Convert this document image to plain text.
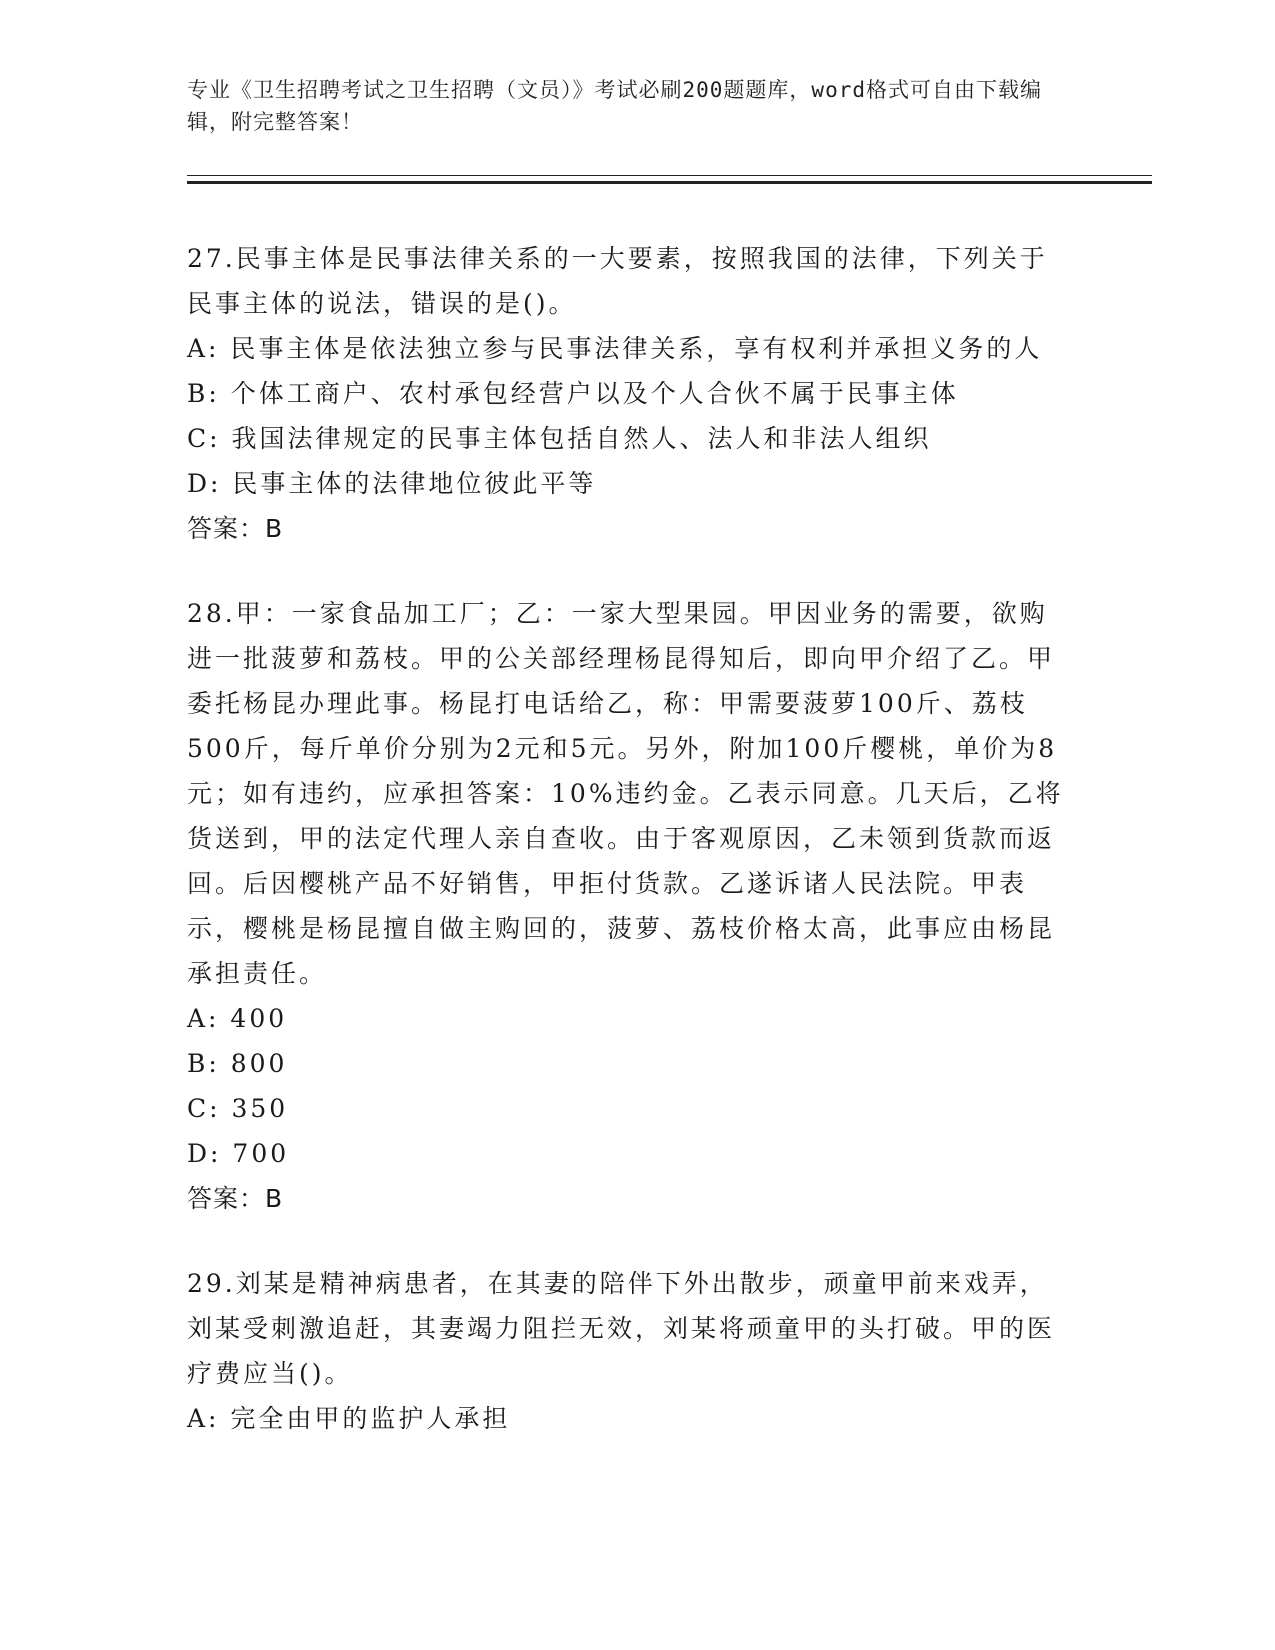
专业《卫生招聘考试之卫生招聘（文员）》考试必刷200题题库，word格式可自由下载编辑，附完整答案！

27.民事主体是民事法律关系的一大要素，按照我国的法律，下列关于民事主体的说法，错误的是()。

A: 民事主体是依法独立参与民事法律关系，享有权利并承担义务的人

B: 个体工商户、农村承包经营户以及个人合伙不属于民事主体

C: 我国法律规定的民事主体包括自然人、法人和非法人组织

D: 民事主体的法律地位彼此平等

答案：B

28.甲：一家食品加工厂；乙：一家大型果园。甲因业务的需要，欲购进一批菠萝和荔枝。甲的公关部经理杨昆得知后，即向甲介绍了乙。甲委托杨昆办理此事。杨昆打电话给乙，称：甲需要菠萝100斤、荔枝500斤，每斤单价分别为2元和5元。另外，附加100斤樱桃，单价为8元；如有违约，应承担答案：10%违约金。乙表示同意。几天后，乙将货送到，甲的法定代理人亲自查收。由于客观原因，乙未领到货款而返回。后因樱桃产品不好销售，甲拒付货款。乙遂诉诸人民法院。甲表示，樱桃是杨昆擅自做主购回的，菠萝、荔枝价格太高，此事应由杨昆承担责任。

A: 400

B: 800

C: 350

D: 700

答案：B

29.刘某是精神病患者，在其妻的陪伴下外出散步，顽童甲前来戏弄，刘某受刺激追赶，其妻竭力阻拦无效，刘某将顽童甲的头打破。甲的医疗费应当()。

A: 完全由甲的监护人承担
